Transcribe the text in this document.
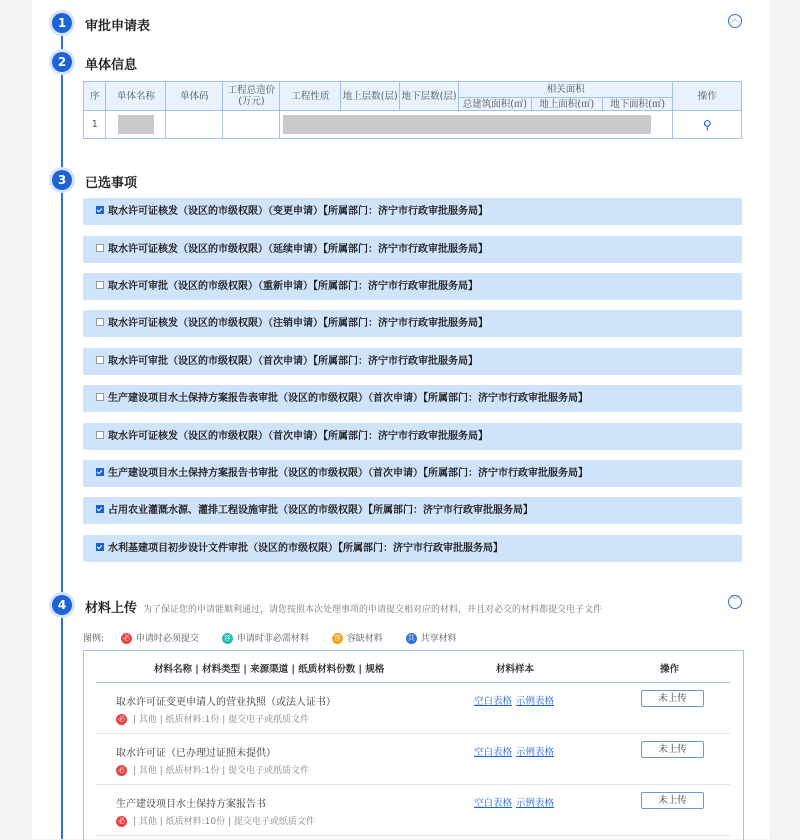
1	审批申请表	︿
2	单体信息
序	单体名称	单体码	工程总造价(万元)	工程性质	地上层数(层)	地下层数(层)	相关面积			操作
							总建筑面积(㎡)	地上面积(㎡)	地下面积(㎡)	
1										⚲
3	已选事项
取水许可证核发（设区的市级权限）（变更申请）【所属部门：济宁市行政审批服务局】
取水许可证核发（设区的市级权限）（延续申请）【所属部门：济宁市行政审批服务局】
取水许可审批（设区的市级权限）（重新申请）【所属部门：济宁市行政审批服务局】
取水许可证核发（设区的市级权限）（注销申请）【所属部门：济宁市行政审批服务局】
取水许可审批（设区的市级权限）（首次申请）【所属部门：济宁市行政审批服务局】
生产建设项目水土保持方案报告表审批（设区的市级权限）（首次申请）【所属部门：济宁市行政审批服务局】
取水许可证核发（设区的市级权限）（首次申请）【所属部门：济宁市行政审批服务局】
生产建设项目水土保持方案报告书审批（设区的市级权限）（首次申请）【所属部门：济宁市行政审批服务局】
占用农业灌溉水源、灌排工程设施审批（设区的市级权限）【所属部门：济宁市行政审批服务局】
水利基建项目初步设计文件审批（设区的市级权限）【所属部门：济宁市行政审批服务局】
4	材料上传 为了保证您的申请能顺利通过，请您按照本次处理事项的申请提交相对应的材料，并且对必交的材料都提交电子文件
﹀
图例:	必 申请时必须提交	容 申请时非必需材料	容 容缺材料	共 共享材料
材料名称 | 材料类型 | 来源渠道 | 纸质材料份数 | 规格	材料样本	操作
取水许可证变更申请人的营业执照（或法人证书）
必 | 其他 | 纸质材料:1份 | 提交电子或纸质文件
空白表格 示例表格	未上传
取水许可证（已办理过证照未提供）
必 | 其他 | 纸质材料:1份 | 提交电子或纸质文件
空白表格 示例表格	未上传
生产建设项目水土保持方案报告书
必 | 其他 | 纸质材料:10份 | 提交电子或纸质文件
空白表格 示例表格	未上传
